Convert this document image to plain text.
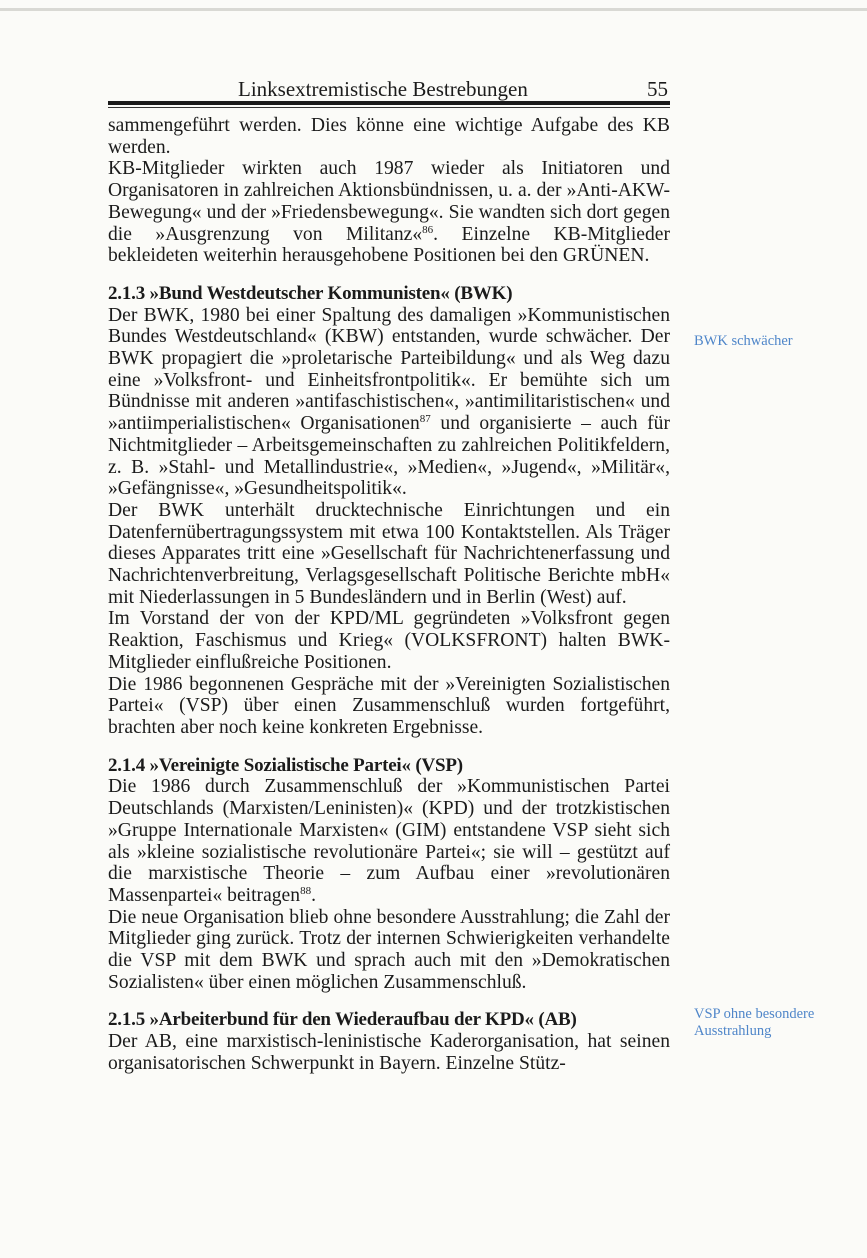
Linksextremistische Bestrebungen	55

sammengeführt werden. Dies könne eine wichtige Aufgabe des KB werden.

KB-Mitglieder wirkten auch 1987 wieder als Initiatoren und Organisatoren in zahlreichen Aktionsbündnissen, u. a. der »Anti-AKW-Bewegung« und der »Friedensbewegung«. Sie wandten sich dort gegen die »Ausgrenzung von Militanz«$^{86}$. Einzelne KB-Mitglieder bekleideten weiterhin herausgehobene Positionen bei den GRÜNEN.

2.1.3 »Bund Westdeutscher Kommunisten« (BWK)

Der BWK, 1980 bei einer Spaltung des damaligen »Kommunistischen Bundes Westdeutschland« (KBW) entstanden, wurde schwächer. Der BWK propagiert die »proletarische Parteibildung« und als Weg dazu eine »Volksfront- und Einheitsfrontpolitik«. Er bemühte sich um Bündnisse mit anderen »antifaschistischen«, »antimilitaristischen« und »antiimperialistischen« Organisationen$^{87}$ und organisierte – auch für Nichtmitglieder – Arbeitsgemeinschaften zu zahlreichen Politikfeldern, z. B. »Stahl- und Metallindustrie«, »Medien«, »Jugend«, »Militär«, »Gefängnisse«, »Gesundheitspolitik«.

Der BWK unterhält drucktechnische Einrichtungen und ein Datenfernübertragungssystem mit etwa 100 Kontaktstellen. Als Träger dieses Apparates tritt eine »Gesellschaft für Nachrichtenerfassung und Nachrichtenverbreitung, Verlagsgesellschaft Politische Berichte mbH« mit Niederlassungen in 5 Bundesländern und in Berlin (West) auf.

Im Vorstand der von der KPD/ML gegründeten »Volksfront gegen Reaktion, Faschismus und Krieg« (VOLKSFRONT) halten BWK-Mitglieder einflußreiche Positionen.

Die 1986 begonnenen Gespräche mit der »Vereinigten Sozialistischen Partei« (VSP) über einen Zusammenschluß wurden fortgeführt, brachten aber noch keine konkreten Ergebnisse.

2.1.4 »Vereinigte Sozialistische Partei« (VSP)

Die 1986 durch Zusammenschluß der »Kommunistischen Partei Deutschlands (Marxisten/Leninisten)« (KPD) und der trotzkistischen »Gruppe Internationale Marxisten« (GIM) entstandene VSP sieht sich als »kleine sozialistische revolutionäre Partei«; sie will – gestützt auf die marxistische Theorie – zum Aufbau einer »revolutionären Massenpartei« beitragen$^{88}$.

Die neue Organisation blieb ohne besondere Ausstrahlung; die Zahl der Mitglieder ging zurück. Trotz der internen Schwierigkeiten verhandelte die VSP mit dem BWK und sprach auch mit den »Demokratischen Sozialisten« über einen möglichen Zusammenschluß.

2.1.5 »Arbeiterbund für den Wiederaufbau der KPD« (AB)

Der AB, eine marxistisch-leninistische Kaderorganisation, hat seinen organisatorischen Schwerpunkt in Bayern. Einzelne Stütz-

BWK schwächer
VSP ohne besondere
Ausstrahlung
